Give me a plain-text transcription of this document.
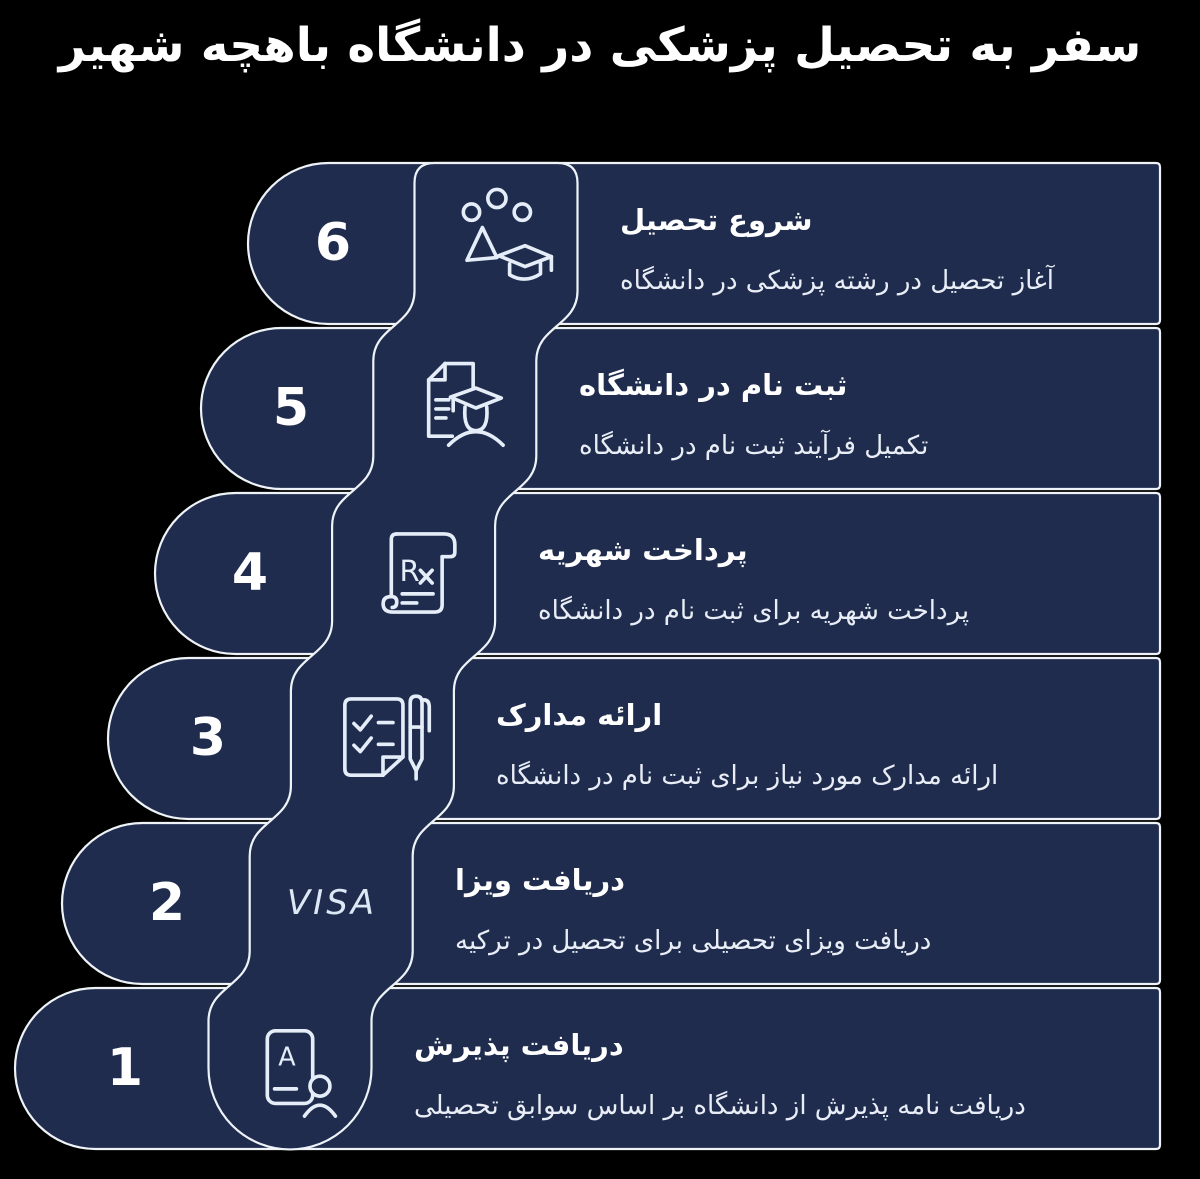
سفر به تحصیل پزشکی در دانشگاه باهچه شهیر
6
5
4
3
2
1
R
VISA
A
شروع تحصیل
ثبت نام در دانشگاه
پرداخت شهریه
ارائه مدارک
دریافت ویزا
دریافت پذیرش
آغاز تحصیل در رشته پزشکی در دانشگاه
تکمیل فرآیند ثبت نام در دانشگاه
پرداخت شهریه برای ثبت نام در دانشگاه
ارائه مدارک مورد نیاز برای ثبت نام در دانشگاه
دریافت ویزای تحصیلی برای تحصیل در ترکیه
دریافت نامه پذیرش از دانشگاه بر اساس سوابق تحصیلی
